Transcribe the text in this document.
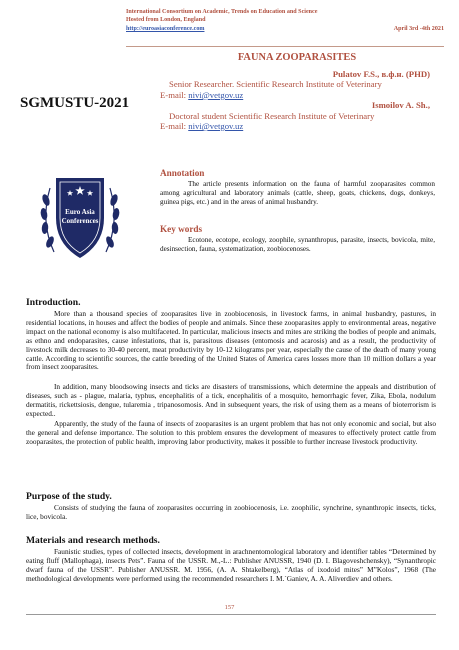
International Consortium on Academic, Trends on Education and Science
Hosted from London, England
http://euroasiaconference.com	April 3rd -4th 2021
FAUNA ZOOPARASITES
SGMUSTU-2021
Pulatov F.S., в.ф.н. (PHD)
Senior Researcher. Scientific Research Institute of Veterinary
E-mail: nivi@vetgov.uz
Ismoilov A. Sh.,
Doctoral student Scientific Research Institute of Veterinary
E-mail: nivi@vetgov.uz
Euro Asia
Conferences
Annotation
The article presents information on the fauna of harmful zooparasites common among agricultural and laboratory animals (cattle, sheep, goats, chickens, dogs, donkeys, guinea pigs, etc.) and in the areas of animal husbandry.
Key words
Ecotone, ecotope, ecology, zoophile, synanthropus, parasite, insects, bovicola, mite, desinsection, fauna, systematization, zoobiocenoses.
Introduction.
More than a thousand species of zooparasites live in zoobiocenosis, in livestock farms, in animal husbandry, pastures, in residential locations, in houses and affect the bodies of people and animals. Since these zooparasites apply to environmental areas, negative impact on the national economy is also multifaceted. In particular, malicious insects and mites are striking the bodies of people and animals, as ethno and endoparasites, cause infestations, that is, parasitous diseases (entomosis and acarosis) and as a result, the productivity of livestock milk decreases to 30-40 percent, meat productivity by 10-12 kilograms per year, especially the cause of the death of many young cattle. According to scientific sources, the cattle breeding of the United States of America cares losses more than 10 million dollars a year from insect zooparasites.
In addition, many bloodsowing insects and ticks are disasters of transmissions, which determine the appeals and distribution of diseases, such as - plague, malaria, typhus, encephalitis of a tick, encephalitis of a mosquito, hemorrhagic fever, Zika, Ebola, nodulum dermatitis, rickettsiosis, dengue, tularemia , tripanosomosis. And in subsequent years, the risk of using them as a means of bioterrorism is expected..
Apparently, the study of the fauna of insects of zooparasites is an urgent problem that has not only economic and social, but also the general and defense importance. The solution to this problem ensures the development of measures to effectively protect cattle from zooparasites, the protection of public health, improving labor productivity, makes it possible to further increase livestock productivity.
Purpose of the study.
Consists of studying the fauna of zooparasites occurring in zoobiocenosis, i.e. zoophilic, synchrine, synanthropic insects, ticks, lice, bovicola.
Materials and research methods.
Faunistic studies, types of collected insects, development in arachnentomological laboratory and identifier tables “Determined by eating fluff (Mallophaga), insects Pets”. Fauna of the USSR. M.,-L.: Publisher ANUSSR, 1940 (D. I. Blagoveshchensky), “Synanthropic dwarf fauna of the USSR”. Publisher ANUSSR. M. 1956, (A. A. Shtakelberg), “Atlas of ixodoid mites” M”Kolos”, 1968 (The methodological developments were performed using the recommended researchers I. M.`Ganiev, A. A. Aliverdiev and others.
157
